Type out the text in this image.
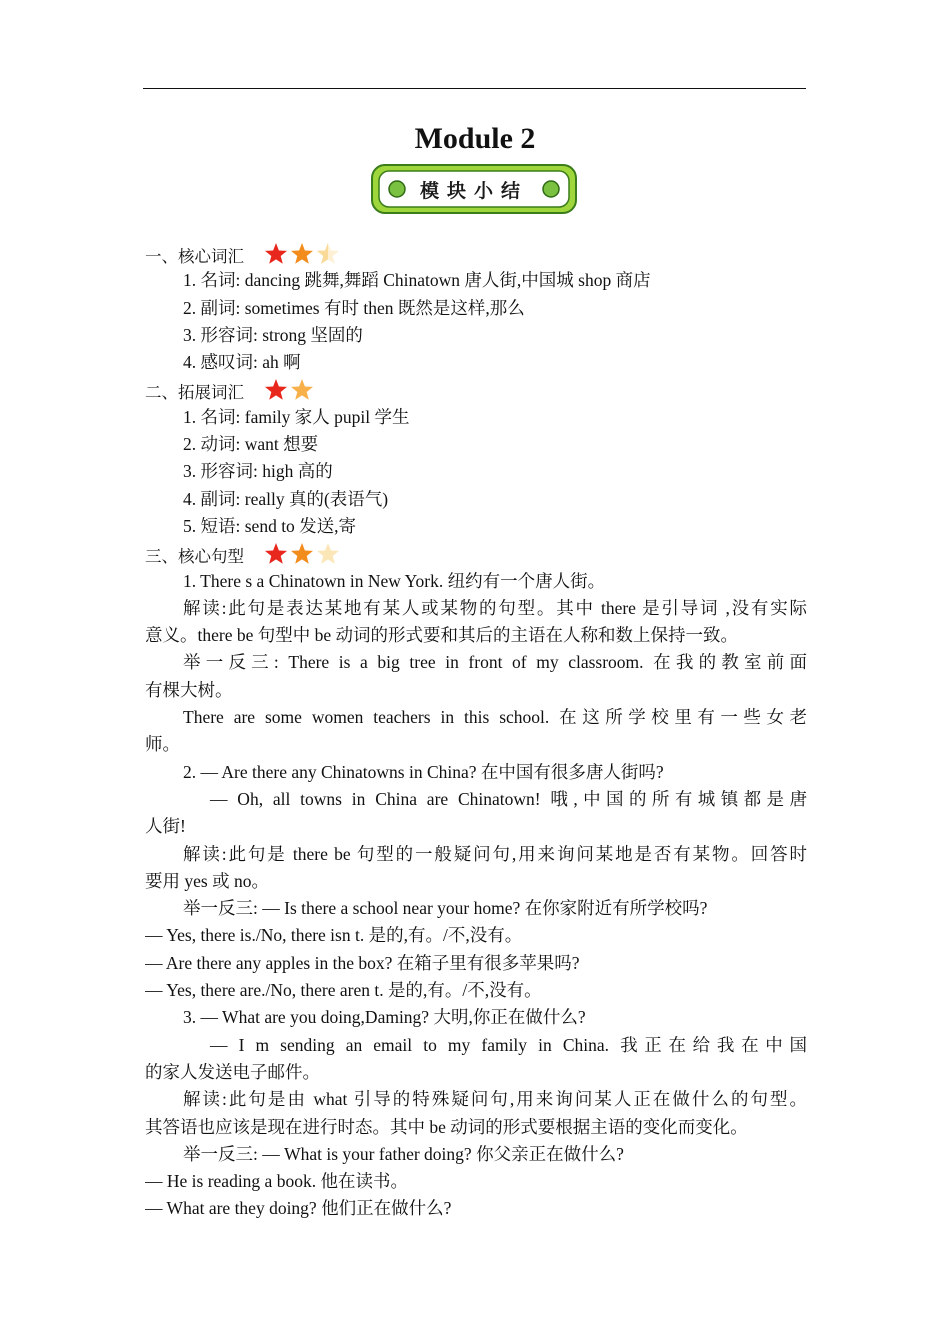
Module 2
模块小结
一、核心词汇
1. 名词: dancing 跳舞,舞蹈 Chinatown 唐人街,中国城 shop 商店
2. 副词: sometimes 有时 then 既然是这样,那么
3. 形容词: strong 坚固的
4. 感叹词: ah 啊
二、拓展词汇
1. 名词: family 家人 pupil 学生
2. 动词: want 想要
3. 形容词: high 高的
4. 副词: really 真的(表语气)
5. 短语: send to 发送,寄
三、核心句型
1. There s a Chinatown in New York. 纽约有一个唐人街。
解读:此句是表达某地有某人或某物的句型。其中 there 是引导词 ,没有实际
意义。there be 句型中 be 动词的形式要和其后的主语在人称和数上保持一致。
举一反三: There is a big tree in front of my classroom. 在我的教室前面
有棵大树。
There are some women teachers in this school. 在这所学校里有一些女老
师。
2. — Are there any Chinatowns in China? 在中国有很多唐人街吗?
— Oh, all towns in China are Chinatown! 哦,中国的所有城镇都是唐
人街!
解读:此句是 there be 句型的一般疑问句,用来询问某地是否有某物。回答时
要用 yes 或 no。
举一反三: — Is there a school near your home? 在你家附近有所学校吗?
— Yes, there is./No, there isn t. 是的,有。/不,没有。
— Are there any apples in the box? 在箱子里有很多苹果吗?
— Yes, there are./No, there aren t. 是的,有。/不,没有。
3. — What are you doing,Daming? 大明,你正在做什么?
— I m sending an email to my family in China. 我正在给我在中国
的家人发送电子邮件。
解读:此句是由 what 引导的特殊疑问句,用来询问某人正在做什么的句型。
其答语也应该是现在进行时态。其中 be 动词的形式要根据主语的变化而变化。
举一反三: — What is your father doing? 你父亲正在做什么?
— He is reading a book. 他在读书。
— What are they doing? 他们正在做什么?
